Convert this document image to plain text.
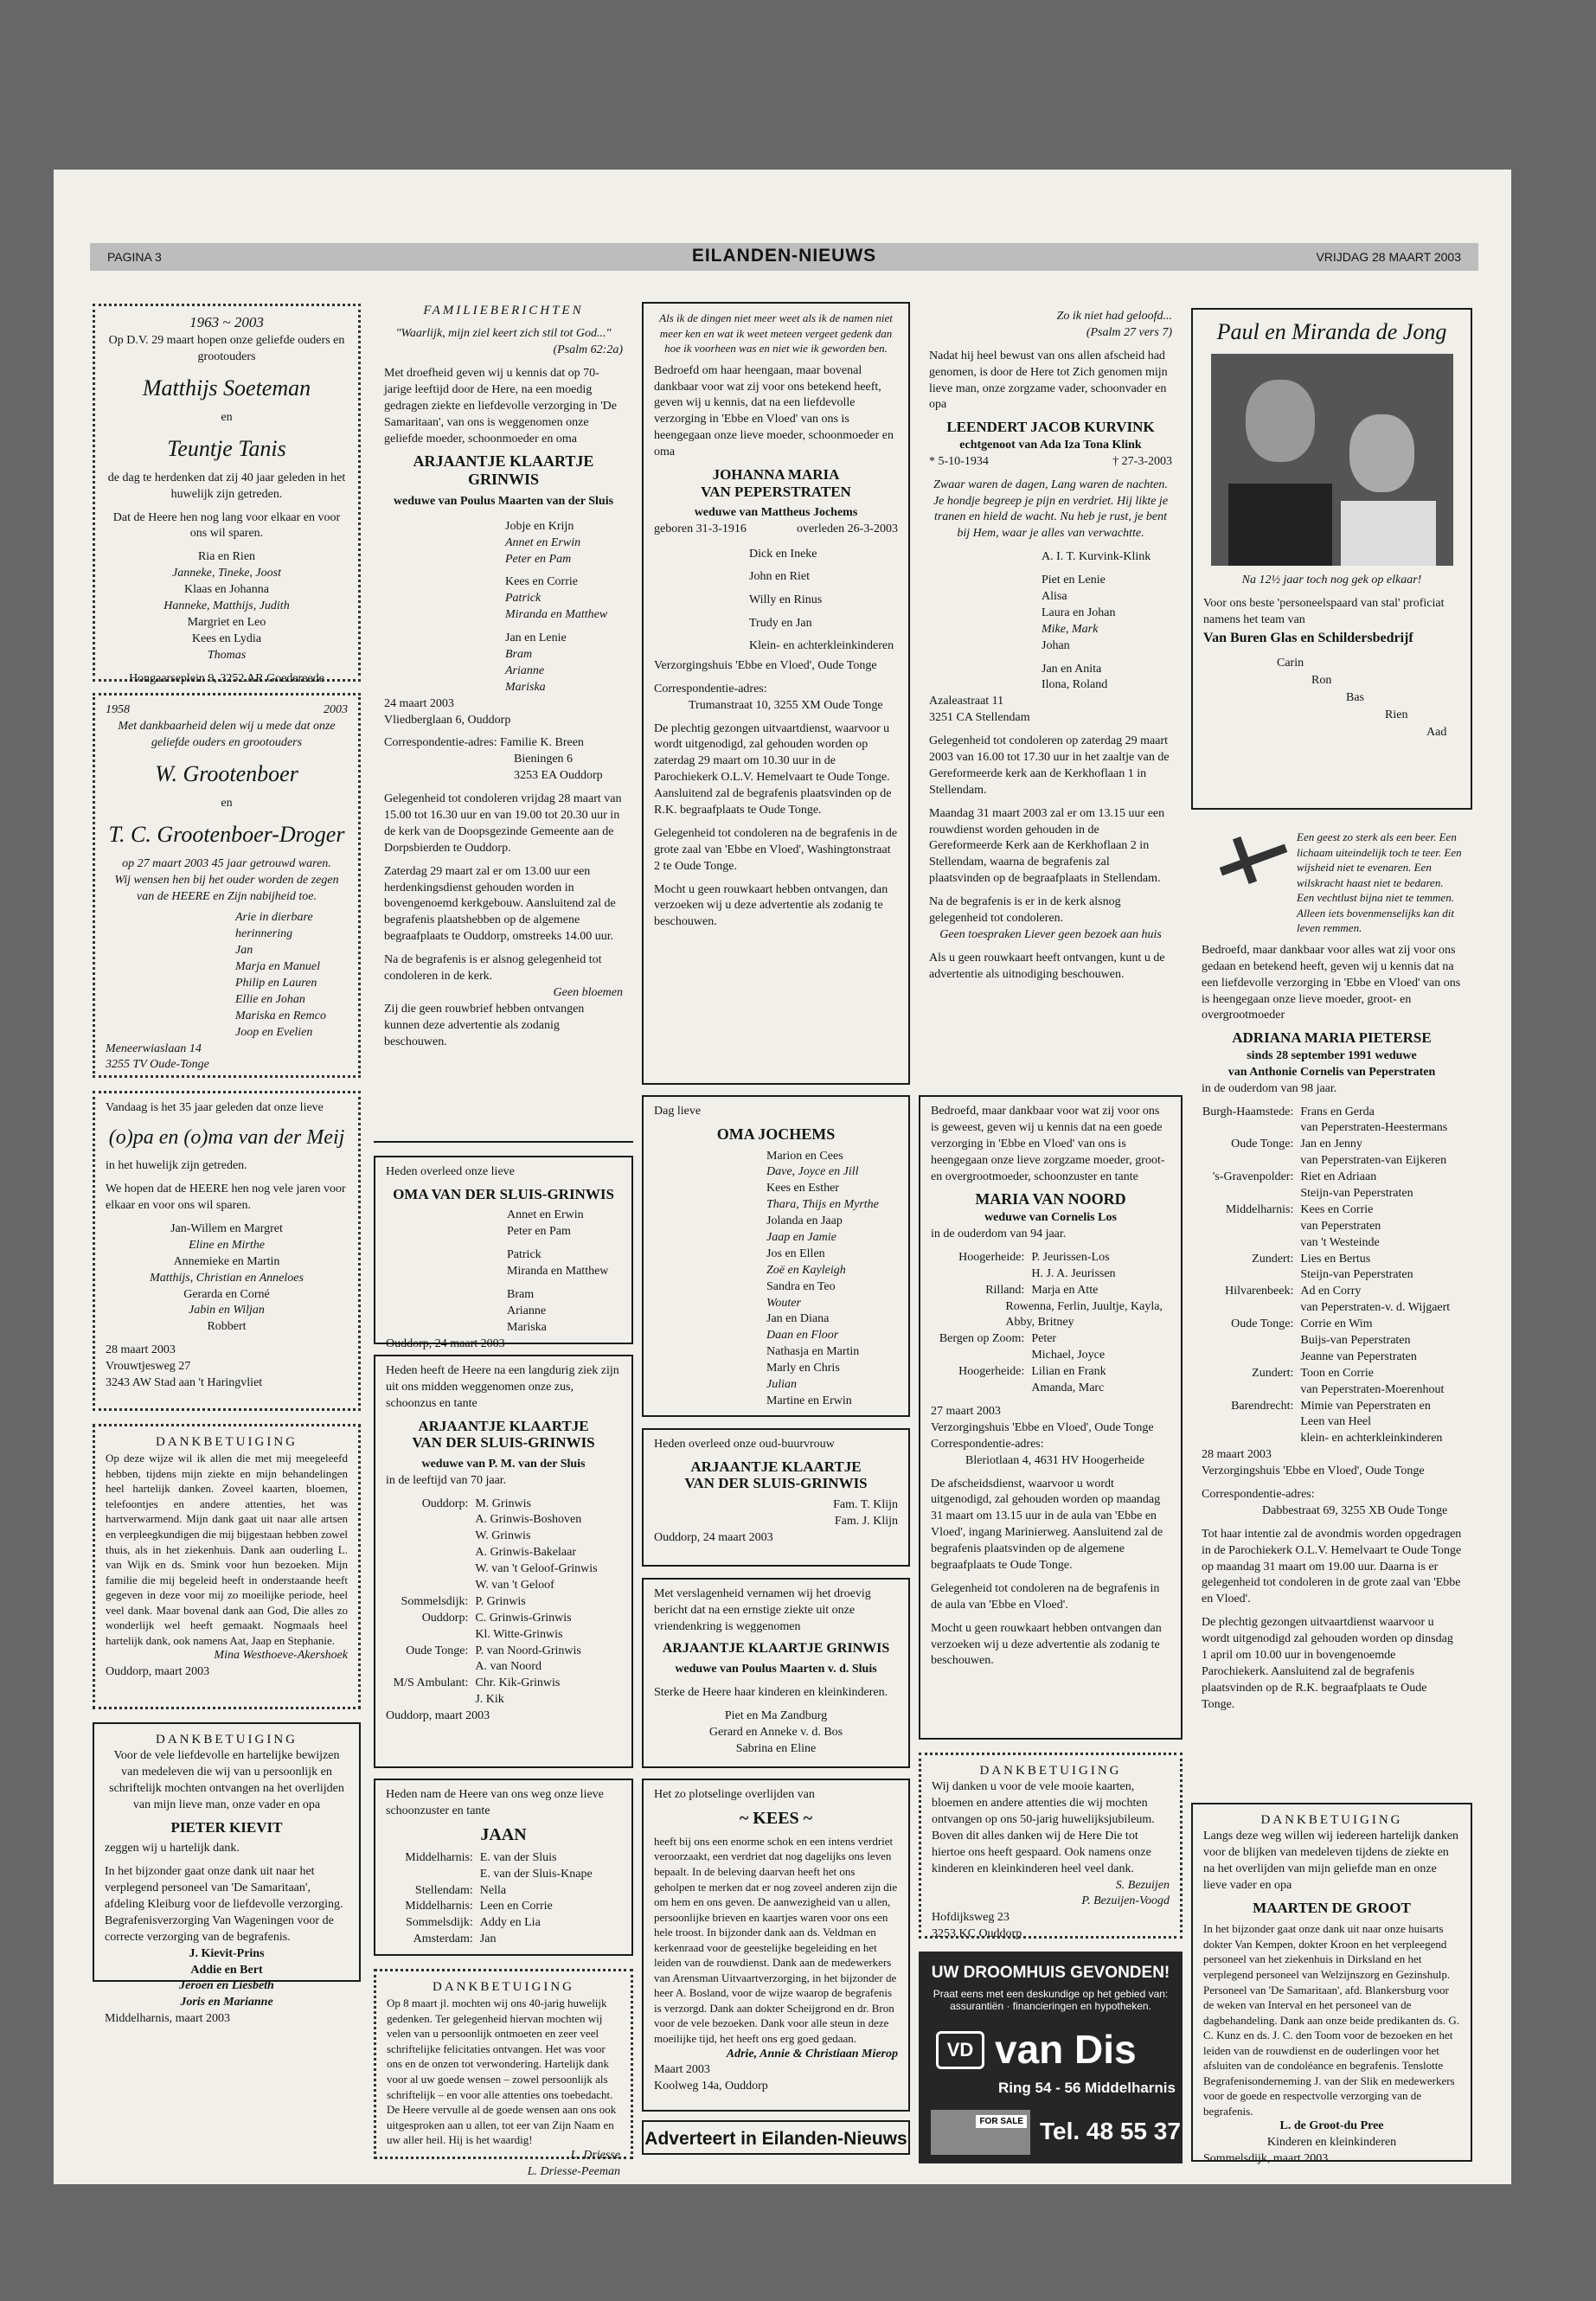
PAGINA 3	EILANDEN-NIEUWS	VRIJDAG 28 MAART 2003
1963 ~ 2003
Op D.V. 29 maart hopen onze geliefde ouders en grootouders
Matthijs Soeteman
en
Teuntje Tanis
de dag te herdenken dat zij 40 jaar geleden in het huwelijk zijn getreden.
Dat de Heere hen nog lang voor elkaar en voor ons wil sparen.
Ria en Rien
Janneke, Tineke, Joost
Klaas en Johanna
Hanneke, Matthijs, Judith
Margriet en Leo
Kees en Lydia
Thomas
Hongaarseplein 9, 3252 AR Goedereede
1958	2003
Met dankbaarheid delen wij u mede dat onze geliefde ouders en grootouders
W. Grootenboer
en
T. C. Grootenboer-Droger
op 27 maart 2003 45 jaar getrouwd waren.
Wij wensen hen bij het ouder worden de zegen van de HEERE en Zijn nabijheid toe.
Arie in dierbare herinnering
Jan
Marja en Manuel
Philip en Lauren
Ellie en Johan
Mariska en Remco
Joop en Evelien
Meneerwiaslaan 14
3255 TV Oude-Tonge
Vandaag is het 35 jaar geleden dat onze lieve
(o)pa en (o)ma van der Meij
in het huwelijk zijn getreden.
We hopen dat de HEERE hen nog vele jaren voor elkaar en voor ons wil sparen.
Jan-Willem en Margret
Eline en Mirthe
Annemieke en Martin
Matthijs, Christian en Anneloes
Gerarda en Corné
Jabin en Wiljan
Robbert
28 maart 2003
Vrouwtjesweg 27
3243 AW Stad aan 't Haringvliet
DANKBETUIGING
Op deze wijze wil ik allen die met mij meegeleefd hebben, tijdens mijn ziekte en mijn behandelingen heel hartelijk danken. Zoveel kaarten, bloemen, telefoontjes en andere attenties, het was hartverwarmend. Mijn dank gaat uit naar alle artsen en verpleegkundigen die mij bijgestaan hebben zowel thuis, als in het ziekenhuis. Dank aan ouderling L. van Wijk en ds. Smink voor hun bezoeken. Mijn familie die mij begeleid heeft in onderstaande heeft gegeven in deze voor mij zo moeilijke periode, heel veel dank. Maar bovenal dank aan God, Die alles zo wonderlijk wel heeft gemaakt. Nogmaals heel hartelijk dank, ook namens Aat, Jaap en Stephanie.
Mina Westhoeve-Akershoek
Ouddorp, maart 2003
DANKBETUIGING
Voor de vele liefdevolle en hartelijke bewijzen van medeleven die wij van u persoonlijk en schriftelijk mochten ontvangen na het overlijden van mijn lieve man, onze vader en opa
PIETER KIEVIT
zeggen wij u hartelijk dank.
In het bijzonder gaat onze dank uit naar het verplegend personeel van 'De Samaritaan', afdeling Kleiburg voor de liefdevolle verzorging. Begrafenisverzorging Van Wageningen voor de correcte verzorging van de begrafenis.
J. Kievit-Prins
Addie en Bert
Jeroen en Liesbeth
Joris en Marianne
Middelharnis, maart 2003
FAMILIEBERICHTEN
"Waarlijk, mijn ziel keert zich stil tot God..."
(Psalm 62:2a)
Met droefheid geven wij u kennis dat op 70-jarige leeftijd door de Here, na een moedig gedragen ziekte en liefdevolle verzorging in 'De Samaritaan', van ons is weggenomen onze geliefde moeder, schoonmoeder en oma
ARJAANTJE KLAARTJE GRINWIS
weduwe van Poulus Maarten van der Sluis
Jobje en Krijn
Annet en Erwin
Peter en Pam
Kees en Corrie
Patrick
Miranda en Matthew
Jan en Lenie
Bram
Arianne
Mariska
24 maart 2003
Vliedberglaan 6, Ouddorp
Correspondentie-adres: Familie K. Breen
Bieningen 6
3253 EA Ouddorp
Gelegenheid tot condoleren vrijdag 28 maart van 15.00 tot 16.30 uur en van 19.00 tot 20.30 uur in de kerk van de Doopsgezinde Gemeente aan de Dorpsbierden te Ouddorp.
Zaterdag 29 maart zal er om 13.00 uur een herdenkingsdienst gehouden worden in bovengenoemd kerkgebouw. Aansluitend zal de begrafenis plaatshebben op de algemene begraafplaats te Ouddorp, omstreeks 14.00 uur.
Na de begrafenis is er alsnog gelegenheid tot condoleren in de kerk.
Geen bloemen
Zij die geen rouwbrief hebben ontvangen kunnen deze advertentie als zodanig beschouwen.
Heden overleed onze lieve
OMA VAN DER SLUIS-GRINWIS
Annet en Erwin
Peter en Pam
Patrick
Miranda en Matthew
Bram
Arianne
Mariska
Ouddorp, 24 maart 2003
Heden heeft de Heere na een langdurig ziek zijn uit ons midden weggenomen onze zus, schoonzus en tante
ARJAANTJE KLAARTJE
VAN DER SLUIS-GRINWIS
weduwe van P. M. van der Sluis
in de leeftijd van 70 jaar.
Ouddorp: M. Grinwis
A. Grinwis-Boshoven
W. Grinwis
A. Grinwis-Bakelaar
W. van 't Geloof-Grinwis
W. van 't Geloof
Sommelsdijk: P. Grinwis
Ouddorp: C. Grinwis-Grinwis
Kl. Witte-Grinwis
Oude Tonge: P. van Noord-Grinwis
A. van Noord
M/S Ambulant: Chr. Kik-Grinwis
J. Kik
Ouddorp, maart 2003
Heden nam de Heere van ons weg onze lieve schoonzuster en tante
JAAN
Middelharnis: E. van der Sluis
E. van der Sluis-Knape
Stellendam: Nella
Middelharnis: Leen en Corrie
Sommelsdijk: Addy en Lia
Amsterdam: Jan
DANKBETUIGING
Op 8 maart jl. mochten wij ons 40-jarig huwelijk gedenken. Ter gelegenheid hiervan mochten wij velen van u persoonlijk ontmoeten en zeer veel schriftelijke felicitaties ontvangen. Het was voor ons en de onzen tot verwondering. Hartelijk dank voor al uw goede wensen – zowel persoonlijk als schriftelijk – en voor alle attenties ons toebedacht. De Heere vervulle al de goede wensen aan ons ook uitgesproken aan u allen, tot eer van Zijn Naam en uw aller heil. Hij is het waardig!
L. Driesse
L. Driesse-Peeman
Als ik de dingen niet meer weet als ik de namen niet meer ken en wat ik weet meteen vergeet gedenk dan hoe ik voorheen was en niet wie ik geworden ben.
Bedroefd om haar heengaan, maar bovenal dankbaar voor wat zij voor ons betekend heeft, geven wij u kennis, dat na een liefdevolle verzorging in 'Ebbe en Vloed' van ons is heengegaan onze lieve moeder, schoonmoeder en oma
JOHANNA MARIA
VAN PEPERSTRATEN
weduwe van Mattheus Jochems
geboren 31-3-1916	overleden 26-3-2003
Dick en Ineke
John en Riet
Willy en Rinus
Trudy en Jan
Klein- en achterkleinkinderen
Verzorgingshuis 'Ebbe en Vloed', Oude Tonge
Correspondentie-adres:
Trumanstraat 10, 3255 XM Oude Tonge
De plechtig gezongen uitvaartdienst, waarvoor u wordt uitgenodigd, zal gehouden worden op zaterdag 29 maart om 10.30 uur in de Parochiekerk O.L.V. Hemelvaart te Oude Tonge. Aansluitend zal de begrafenis plaatsvinden op de R.K. begraafplaats te Oude Tonge.
Gelegenheid tot condoleren na de begrafenis in de grote zaal van 'Ebbe en Vloed', Washingtonstraat 2 te Oude Tonge.
Mocht u geen rouwkaart hebben ontvangen, dan verzoeken wij u deze advertentie als zodanig te beschouwen.
Dag lieve
OMA JOCHEMS
Marion en Cees
Dave, Joyce en Jill
Kees en Esther
Thara, Thijs en Myrthe
Jolanda en Jaap
Jaap en Jamie
Jos en Ellen
Zoë en Kayleigh
Sandra en Teo
Wouter
Jan en Diana
Daan en Floor
Nathasja en Martin
Marly en Chris
Julian
Martine en Erwin
Heden overleed onze oud-buurvrouw
ARJAANTJE KLAARTJE
VAN DER SLUIS-GRINWIS
Fam. T. Klijn
Fam. J. Klijn
Ouddorp, 24 maart 2003
Met verslagenheid vernamen wij het droevig bericht dat na een ernstige ziekte uit onze vriendenkring is weggenomen
ARJAANTJE KLAARTJE GRINWIS
weduwe van Poulus Maarten v. d. Sluis
Sterke de Heere haar kinderen en kleinkinderen.
Piet en Ma Zandburg
Gerard en Anneke v. d. Bos
Sabrina en Eline
Het zo plotselinge overlijden van
~ KEES ~
heeft bij ons een enorme schok en een intens verdriet veroorzaakt, een verdriet dat nog dagelijks ons leven bepaalt. In de beleving daarvan heeft het ons geholpen te merken dat er nog zoveel anderen zijn die om hem en ons geven. De aanwezigheid van u allen, persoonlijke brieven en kaartjes waren voor ons een hele troost. In bijzonder dank aan ds. Veldman en kerkenraad voor de geestelijke begeleiding en het leiden van de rouwdienst. Dank aan de medewerkers van Arensman Uitvaartverzorging, in het bijzonder de heer A. Bosland, voor de wijze waarop de begrafenis is verzorgd. Dank aan dokter Scheijgrond en dr. Bron voor de vele bezoeken. Dank voor alle steun in deze moeilijke tijd, het heeft ons erg goed gedaan.
Adrie, Annie & Christiaan Mierop
Maart 2003
Koolweg 14a, Ouddorp
Adverteert in Eilanden-Nieuws
Zo ik niet had geloofd...
(Psalm 27 vers 7)
Nadat hij heel bewust van ons allen afscheid had genomen, is door de Here tot Zich genomen mijn lieve man, onze zorgzame vader, schoonvader en opa
LEENDERT JACOB KURVINK
echtgenoot van Ada Iza Tona Klink
* 5-10-1934	† 27-3-2003
Zwaar waren de dagen, Lang waren de nachten. Je hondje begreep je pijn en verdriet. Hij likte je tranen en hield de wacht. Nu heb je rust, je bent bij Hem, waar je alles van verwachtte.
A. I. T. Kurvink-Klink
Piet en Lenie
Alisa
Laura en Johan
Mike, Mark
Johan
Jan en Anita
Ilona, Roland
Azaleastraat 11
3251 CA Stellendam
Gelegenheid tot condoleren op zaterdag 29 maart 2003 van 16.00 tot 17.30 uur in het zaaltje van de Gereformeerde kerk aan de Kerkhoflaan 1 in Stellendam.
Maandag 31 maart 2003 zal er om 13.15 uur een rouwdienst worden gehouden in de Gereformeerde Kerk aan de Kerkhoflaan 2 in Stellendam, waarna de begrafenis zal plaatsvinden op de begraafplaats in Stellendam.
Na de begrafenis is er in de kerk alsnog gelegenheid tot condoleren.
Geen toespraken Liever geen bezoek aan huis
Als u geen rouwkaart heeft ontvangen, kunt u de advertentie als uitnodiging beschouwen.
Bedroefd, maar dankbaar voor wat zij voor ons is geweest, geven wij u kennis dat na een goede verzorging in 'Ebbe en Vloed' van ons is heengegaan onze lieve zorgzame moeder, groot- en overgrootmoeder, schoonzuster en tante
MARIA VAN NOORD
weduwe van Cornelis Los
in de ouderdom van 94 jaar.
Hoogerheide: P. Jeurissen-Los
H. J. A. Jeurissen
Rilland: Marja en Atte
Rowenna, Ferlin, Juultje, Kayla, Abby, Britney
Bergen op Zoom: Peter
Michael, Joyce
Hoogerheide: Lilian en Frank
Amanda, Marc
27 maart 2003
Verzorgingshuis 'Ebbe en Vloed', Oude Tonge
Correspondentie-adres:
Bleriotlaan 4, 4631 HV Hoogerheide
De afscheidsdienst, waarvoor u wordt uitgenodigd, zal gehouden worden op maandag 31 maart om 13.15 uur in de aula van 'Ebbe en Vloed', ingang Marinierweg. Aansluitend zal de begrafenis plaatsvinden op de algemene begraafplaats te Oude Tonge.
Gelegenheid tot condoleren na de begrafenis in de aula van 'Ebbe en Vloed'.
Mocht u geen rouwkaart hebben ontvangen dan verzoeken wij u deze advertentie als zodanig te beschouwen.
DANKBETUIGING
Wij danken u voor de vele mooie kaarten, bloemen en andere attenties die wij mochten ontvangen op ons 50-jarig huwelijksjubileum. Boven dit alles danken wij de Here Die tot hiertoe ons heeft gespaard. Ook namens onze kinderen en kleinkinderen heel veel dank.
S. Bezuijen
P. Bezuijen-Voogd
Hofdijksweg 23
3253 KC Ouddorp
UW DROOMHUIS GEVONDEN!
Praat eens met een deskundige op het gebied van: assurantiën · financieringen en hypotheken.
VD van Dis
Ring 54 - 56 Middelharnis
FOR SALE Tel. 48 55 37
Paul en Miranda de Jong
Na 12½ jaar toch nog gek op elkaar!
Voor ons beste 'personeelspaard van stal' proficiat namens het team van
Van Buren Glas en Schildersbedrijf
Carin
Ron
Bas
Rien
Aad
Een geest zo sterk als een beer. Een lichaam uiteindelijk toch te teer. Een wijsheid niet te evenaren. Een wilskracht haast niet te bedaren. Een vechtlust bijna niet te temmen. Alleen iets bovenmenselijks kan dit leven remmen.
Bedroefd, maar dankbaar voor alles wat zij voor ons gedaan en betekend heeft, geven wij u kennis dat na een liefdevolle verzorging in 'Ebbe en Vloed' van ons is heengegaan onze lieve moeder, groot- en overgrootmoeder
ADRIANA MARIA PIETERSE
sinds 28 september 1991 weduwe
van Anthonie Cornelis van Peperstraten
in de ouderdom van 98 jaar.
Burgh-Haamstede: Frans en Gerda
van Peperstraten-Heestermans
Oude Tonge: Jan en Jenny
van Peperstraten-van Eijkeren
's-Gravenpolder: Riet en Adriaan
Steijn-van Peperstraten
Middelharnis: Kees en Corrie
van Peperstraten
van 't Westeinde
Zundert: Lies en Bertus
Steijn-van Peperstraten
Hilvarenbeek: Ad en Corry
van Peperstraten-v. d. Wijgaert
Oude Tonge: Corrie en Wim
Buijs-van Peperstraten
Jeanne van Peperstraten
Zundert: Toon en Corrie
van Peperstraten-Moerenhout
Barendrecht: Mimie van Peperstraten en
Leen van Heel
klein- en achterkleinkinderen
28 maart 2003
Verzorgingshuis 'Ebbe en Vloed', Oude Tonge
Correspondentie-adres:
Dabbestraat 69, 3255 XB Oude Tonge
Tot haar intentie zal de avondmis worden opgedragen in de Parochiekerk O.L.V. Hemelvaart te Oude Tonge op maandag 31 maart om 19.00 uur. Daarna is er gelegenheid tot condoleren in de grote zaal van 'Ebbe en Vloed'.
De plechtig gezongen uitvaartdienst waarvoor u wordt uitgenodigd zal gehouden worden op dinsdag 1 april om 10.00 uur in bovengenoemde Parochiekerk. Aansluitend zal de begrafenis plaatsvinden op de R.K. begraafplaats te Oude Tonge.
DANKBETUIGING
Langs deze weg willen wij iedereen hartelijk danken voor de blijken van medeleven tijdens de ziekte en na het overlijden van mijn geliefde man en onze lieve vader en opa
MAARTEN DE GROOT
In het bijzonder gaat onze dank uit naar onze huisarts dokter Van Kempen, dokter Kroon en het verpleegend personeel van het ziekenhuis in Dirksland en het verplegend personeel van Welzijnszorg en Gezinshulp. Personeel van 'De Samaritaan', afd. Blankersburg voor de weken van Interval en het personeel van de dagbehandeling. Dank aan onze beide predikanten ds. G. C. Kunz en ds. J. C. den Toom voor de bezoeken en het leiden van de rouwdienst en de ouderlingen voor het afsluiten van de condoléance en begrafenis. Tenslotte Begrafenisonderneming J. van der Slik en medewerkers voor de goede en respectvolle verzorging van de begrafenis.
L. de Groot-du Pree
Kinderen en kleinkinderen
Sommelsdijk, maart 2003
